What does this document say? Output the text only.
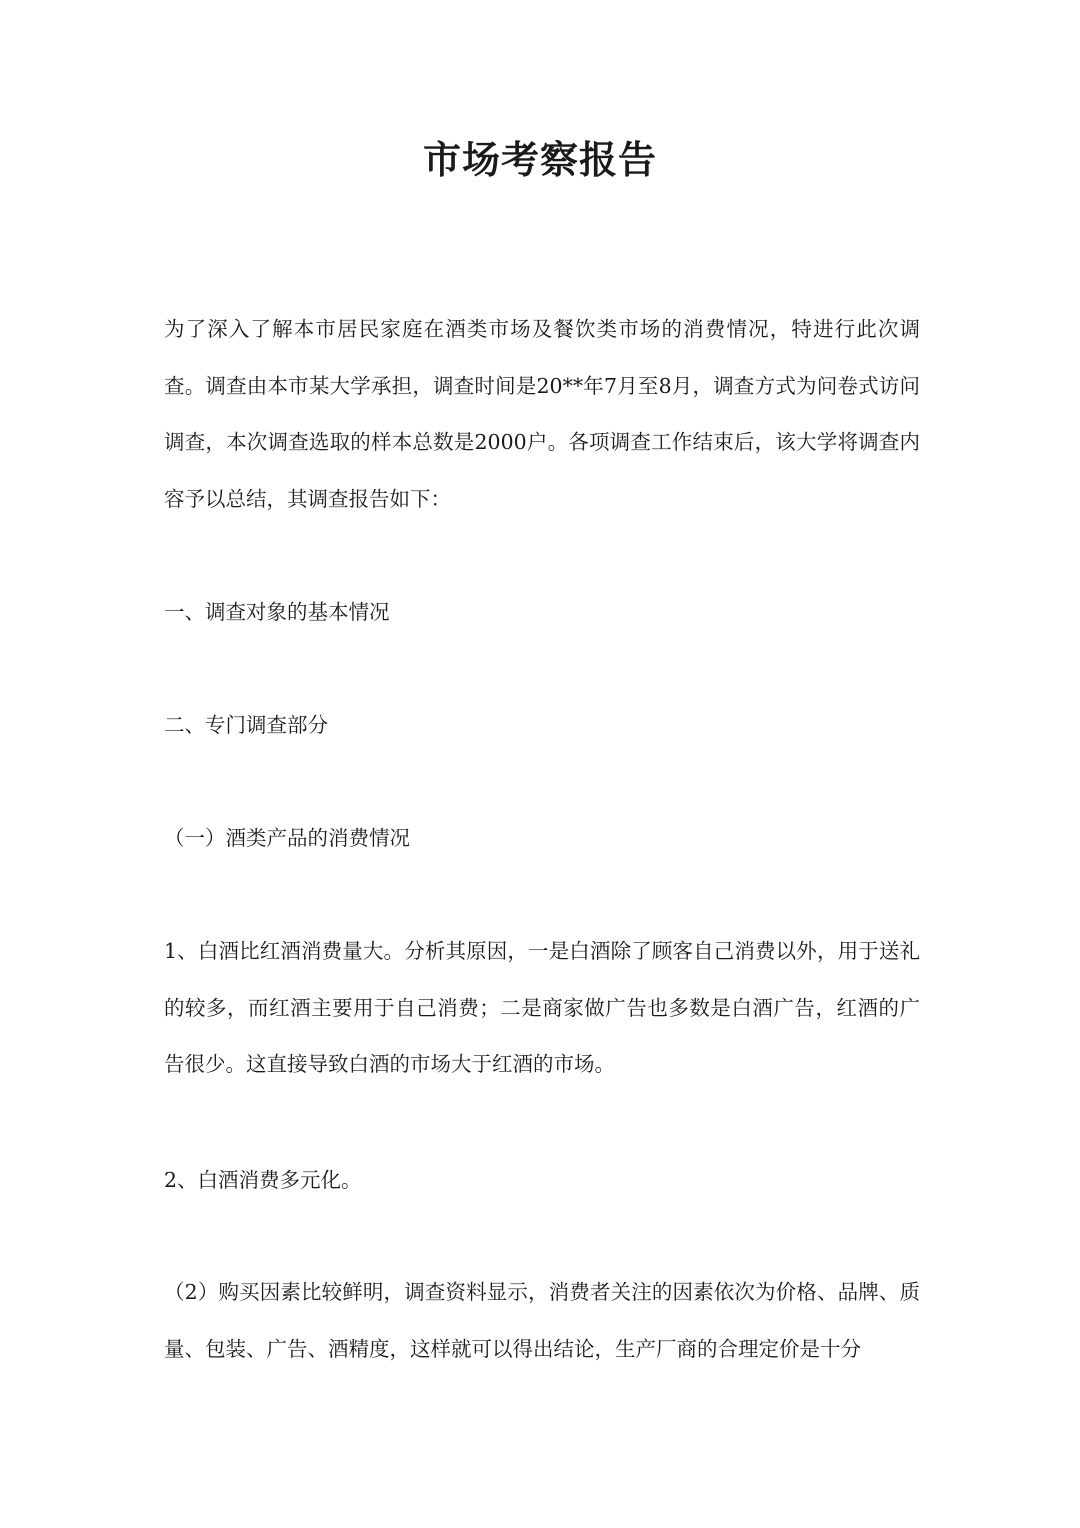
市场考察报告

为了深入了解本市居民家庭在酒类市场及餐饮类市场的消费情况，特进行此次调查。调查由本市某大学承担，调查时间是20**年7月至8月，调查方式为问卷式访问调查，本次调查选取的样本总数是2000户。各项调查工作结束后，该大学将调查内容予以总结，其调查报告如下：

一、调查对象的基本情况

二、专门调查部分

（一）酒类产品的消费情况

1、白酒比红酒消费量大。分析其原因，一是白酒除了顾客自己消费以外，用于送礼的较多，而红酒主要用于自己消费；二是商家做广告也多数是白酒广告，红酒的广告很少。这直接导致白酒的市场大于红酒的市场。

2、白酒消费多元化。

（2）购买因素比较鲜明，调查资料显示，消费者关注的因素依次为价格、品牌、质量、包装、广告、酒精度，这样就可以得出结论，生产厂商的合理定价是十分
